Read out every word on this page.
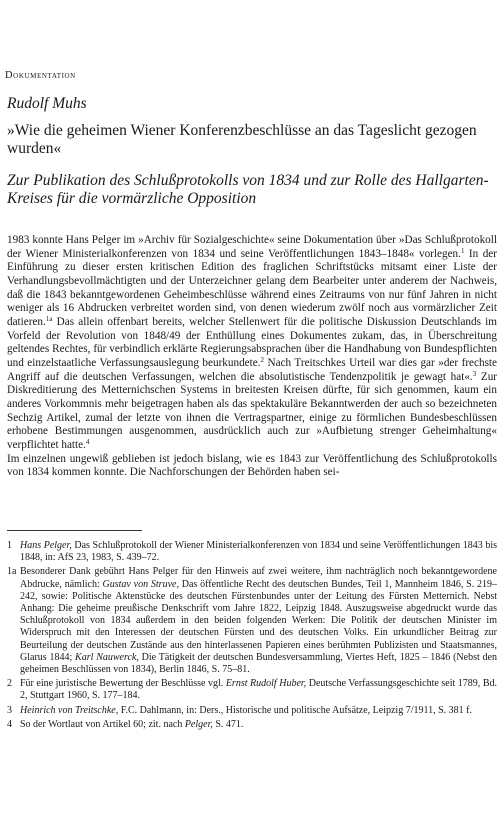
Dokumentation
Rudolf Muhs
»Wie die geheimen Wiener Konferenzbeschlüsse an das Tageslicht gezogen wurden«
Zur Publikation des Schlußprotokolls von 1834 und zur Rolle des Hallgarten-Kreises für die vormärzliche Opposition

1983 konnte Hans Pelger im »Archiv für Sozialgeschichte« seine Dokumentation über »Das Schlußprotokoll der Wiener Ministerialkonferenzen von 1834 und seine Veröffentlichungen 1843–1848« vorlegen.$^1$ In der Einführung zu dieser ersten kritischen Edition des fraglichen Schriftstücks mitsamt einer Liste der Verhandlungsbevollmächtigten und der Unterzeichner gelang dem Bearbeiter unter anderem der Nachweis, daß die 1843 bekanntgewordenen Geheimbeschlüsse während eines Zeitraums von nur fünf Jahren in nicht weniger als 16 Abdrucken verbreitet worden sind, von denen wiederum zwölf noch aus vormärzlicher Zeit datieren.$^{1a}$ Das allein offenbart bereits, welcher Stellenwert für die politische Diskussion Deutschlands im Vorfeld der Revolution von 1848/49 der Enthüllung eines Dokumentes zukam, das, in Überschreitung geltendes Rechtes, für verbindlich erklärte Regierungsabsprachen über die Handhabung von Bundespflichten und einzelstaatliche Verfassungsauslegung beurkundete.$^2$ Nach Treitschkes Urteil war dies gar »der frechste Angriff auf die deutschen Verfassungen, welchen die absolutistische Tendenzpolitik je gewagt hat«.$^3$ Zur Diskreditierung des Metternichschen Systems in breitesten Kreisen dürfte, für sich genommen, kaum ein anderes Vorkommnis mehr beigetragen haben als das spektakuläre Bekanntwerden der auch so bezeichneten Sechzig Artikel, zumal der letzte von ihnen die Vertragspartner, einige zu förmlichen Bundesbeschlüssen erhobene Bestimmungen ausgenommen, ausdrücklich auch zur »Aufbietung strenger Geheimhaltung« verpflichtet hatte.$^4$

Im einzelnen ungewiß geblieben ist jedoch bislang, wie es 1843 zur Veröffentlichung des Schlußprotokolls von 1834 kommen konnte. Die Nachforschungen der Behörden haben sei-

1 Hans Pelger, Das Schlußprotokoll der Wiener Ministerialkonferenzen von 1834 und seine Veröffentlichungen 1843 bis 1848, in: AfS 23, 1983, S. 439–72.
1a Besonderer Dank gebührt Hans Pelger für den Hinweis auf zwei weitere, ihm nachträglich noch bekanntgewordene Abdrucke, nämlich: Gustav von Struve, Das öffentliche Recht des deutschen Bundes, Teil 1, Mannheim 1846, S. 219–242, sowie: Politische Aktenstücke des deutschen Fürstenbundes unter der Leitung des Fürsten Metternich. Nebst Anhang: Die geheime preußische Denkschrift vom Jahre 1822, Leipzig 1848. Auszugsweise abgedruckt wurde das Schlußprotokoll von 1834 außerdem in den beiden folgenden Werken: Die Politik der deutschen Minister im Widerspruch mit den Interessen der deutschen Fürsten und des deutschen Volks. Ein urkundlicher Beitrag zur Beurteilung der deutschen Zustände aus den hinterlassenen Papieren eines berühmten Publizisten und Staatsmannes, Glarus 1844; Karl Nauwerck, Die Tätigkeit der deutschen Bundesversammlung, Viertes Heft, 1825 – 1846 (Nebst den geheimen Beschlüssen von 1834), Berlin 1846, S. 75–81.
2 Für eine juristische Bewertung der Beschlüsse vgl. Ernst Rudolf Huber, Deutsche Verfassungsgeschichte seit 1789, Bd. 2, Stuttgart 1960, S. 177–184.
3 Heinrich von Treitschke, F.C. Dahlmann, in: Ders., Historische und politische Aufsätze, Leipzig 7/1911, S. 381 f.
4 So der Wortlaut von Artikel 60; zit. nach Pelger, S. 471.
